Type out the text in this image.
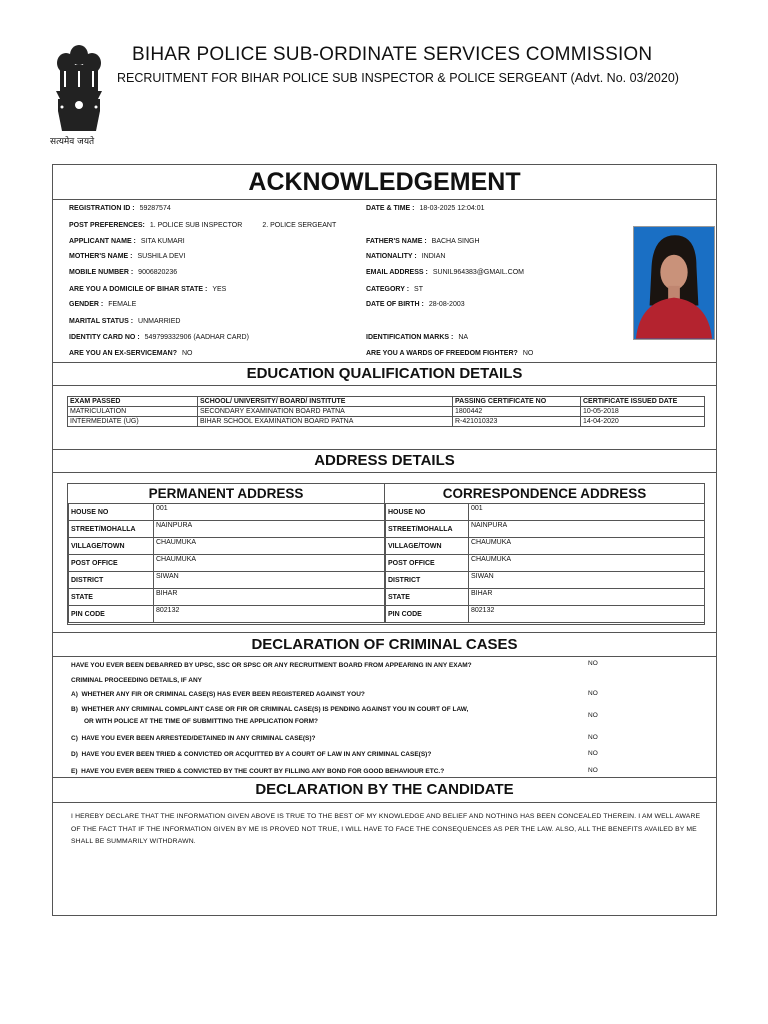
सत्यमेव जयते
BIHAR POLICE SUB-ORDINATE SERVICES COMMISSION
RECRUITMENT FOR BIHAR POLICE SUB INSPECTOR & POLICE SERGEANT (Advt. No. 03/2020)
ACKNOWLEDGEMENT
REGISTRATION ID : 59287574	DATE & TIME : 18-03-2025 12:04:01
POST PREFERENCES: 1. POLICE SUB INSPECTOR	2. POLICE SERGEANT
APPLICANT NAME : SITA KUMARI	FATHER'S NAME : BACHA SINGH
MOTHER'S NAME : SUSHILA DEVI	NATIONALITY : INDIAN
MOBILE NUMBER : 9006820236	EMAIL ADDRESS : SUNIL964383@GMAIL.COM
ARE YOU A DOMICILE OF BIHAR STATE : YES	CATEGORY : ST
GENDER : FEMALE	DATE OF BIRTH : 28-08-2003
MARITAL STATUS : UNMARRIED
IDENTITY CARD NO : 549799332906 (AADHAR CARD)	IDENTIFICATION MARKS : NA
ARE YOU AN EX-SERVICEMAN? NO	ARE YOU A WARDS OF FREEDOM FIGHTER? NO
EDUCATION QUALIFICATION DETAILS
EXAM PASSED	SCHOOL/ UNIVERSITY/ BOARD/ INSTITUTE	PASSING CERTIFICATE NO	CERTIFICATE ISSUED DATE
MATRICULATION	SECONDARY EXAMINATION BOARD PATNA	1800442	10-05-2018
INTERMEDIATE (UG)	BIHAR SCHOOL EXAMINATION BOARD PATNA	R-421010323	14-04-2020
ADDRESS DETAILS
PERMANENT ADDRESS	CORRESPONDENCE ADDRESS
HOUSE NO	001
STREET/MOHALLA	NAINPURA
VILLAGE/TOWN	CHAUMUKA
POST OFFICE	CHAUMUKA
DISTRICT	SIWAN
STATE	BIHAR
PIN CODE	802132
HOUSE NO	001
STREET/MOHALLA	NAINPURA
VILLAGE/TOWN	CHAUMUKA
POST OFFICE	CHAUMUKA
DISTRICT	SIWAN
STATE	BIHAR
PIN CODE	802132
DECLARATION OF CRIMINAL CASES
HAVE YOU EVER BEEN DEBARRED BY UPSC, SSC OR SPSC OR ANY RECRUITMENT BOARD FROM APPEARING IN ANY EXAM?	NO
CRIMINAL PROCEEDING DETAILS, IF ANY
A) WHETHER ANY FIR OR CRIMINAL CASE(S) HAS EVER BEEN REGISTERED AGAINST YOU?	NO
B) WHETHER ANY CRIMINAL COMPLAINT CASE OR FIR OR CRIMINAL CASE(S) IS PENDING AGAINST YOU IN COURT OF LAW,
OR WITH POLICE AT THE TIME OF SUBMITTING THE APPLICATION FORM?
NO
C) HAVE YOU EVER BEEN ARRESTED/DETAINED IN ANY CRIMINAL CASE(S)?	NO
D) HAVE YOU EVER BEEN TRIED & CONVICTED OR ACQUITTED BY A COURT OF LAW IN ANY CRIMINAL CASE(S)?	NO
E) HAVE YOU EVER BEEN TRIED & CONVICTED BY THE COURT BY FILLING ANY BOND FOR GOOD BEHAVIOUR ETC.?	NO
DECLARATION BY THE CANDIDATE
I HEREBY DECLARE THAT THE INFORMATION GIVEN ABOVE IS TRUE TO THE BEST OF MY KNOWLEDGE AND BELIEF AND NOTHING HAS BEEN CONCEALED THEREIN. I AM WELL AWARE OF THE FACT THAT IF THE INFORMATION GIVEN BY ME IS PROVED NOT TRUE, I WILL HAVE TO FACE THE CONSEQUENCES AS PER THE LAW. ALSO, ALL THE BENEFITS AVAILED BY ME SHALL BE SUMMARILY WITHDRAWN.
